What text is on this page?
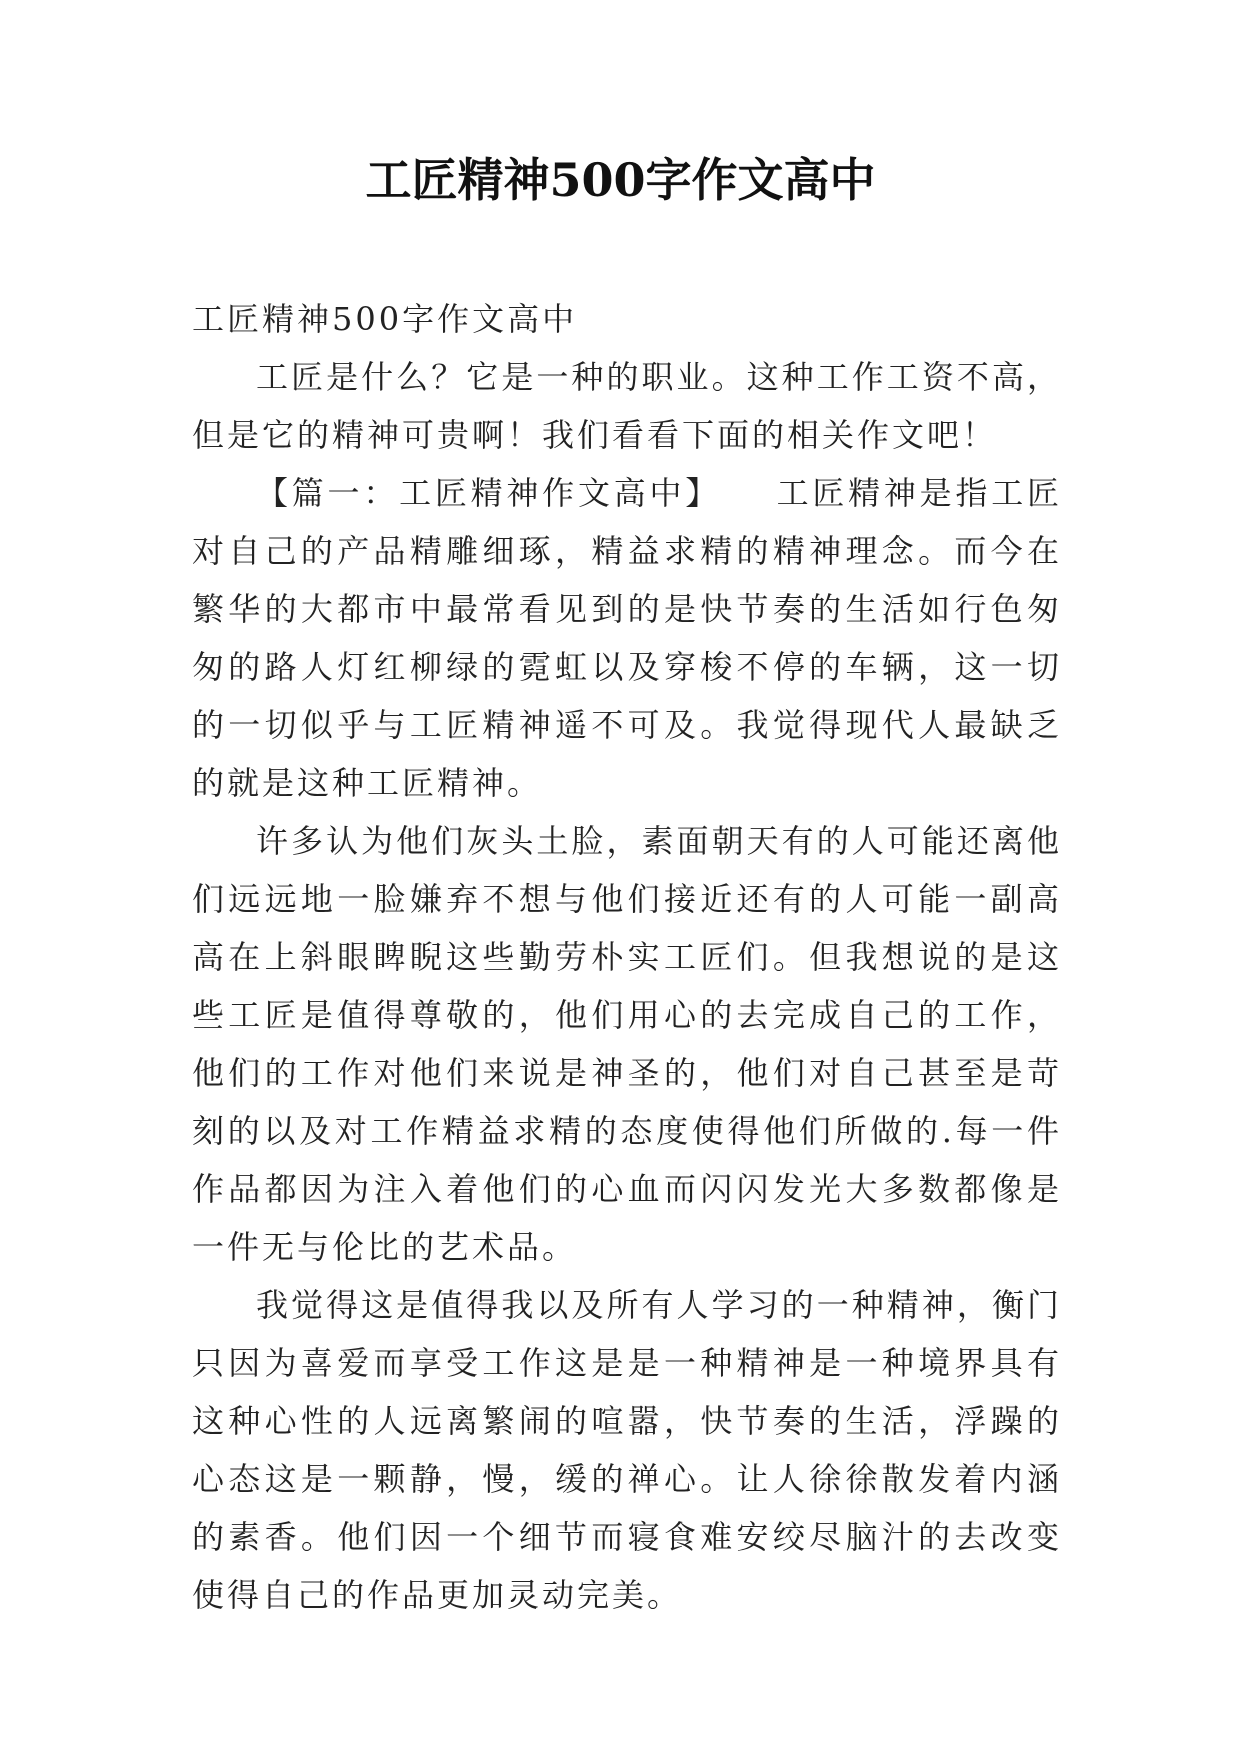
工匠精神500字作文高中

工匠精神500字作文高中

工匠是什么？它是一种的职业。这种工作工资不高，但是它的精神可贵啊！我们看看下面的相关作文吧！

【篇一：工匠精神作文高中】　　工匠精神是指工匠对自己的产品精雕细琢，精益求精的精神理念。而今在繁华的大都市中最常看见到的是快节奏的生活如行色匆匆的路人灯红柳绿的霓虹以及穿梭不停的车辆，这一切的一切似乎与工匠精神遥不可及。我觉得现代人最缺乏的就是这种工匠精神。

许多认为他们灰头土脸，素面朝天有的人可能还离他们远远地一脸嫌弃不想与他们接近还有的人可能一副高高在上斜眼睥睨这些勤劳朴实工匠们。但我想说的是这些工匠是值得尊敬的，他们用心的去完成自己的工作，他们的工作对他们来说是神圣的，他们对自己甚至是苛刻的以及对工作精益求精的态度使得他们所做的.每一件作品都因为注入着他们的心血而闪闪发光大多数都像是一件无与伦比的艺术品。

我觉得这是值得我以及所有人学习的一种精神，衡门只因为喜爱而享受工作这是是一种精神是一种境界具有这种心性的人远离繁闹的喧嚣，快节奏的生活，浮躁的心态这是一颗静，慢，缓的禅心。让人徐徐散发着内涵的素香。他们因一个细节而寝食难安绞尽脑汁的去改变使得自己的作品更加灵动完美。
